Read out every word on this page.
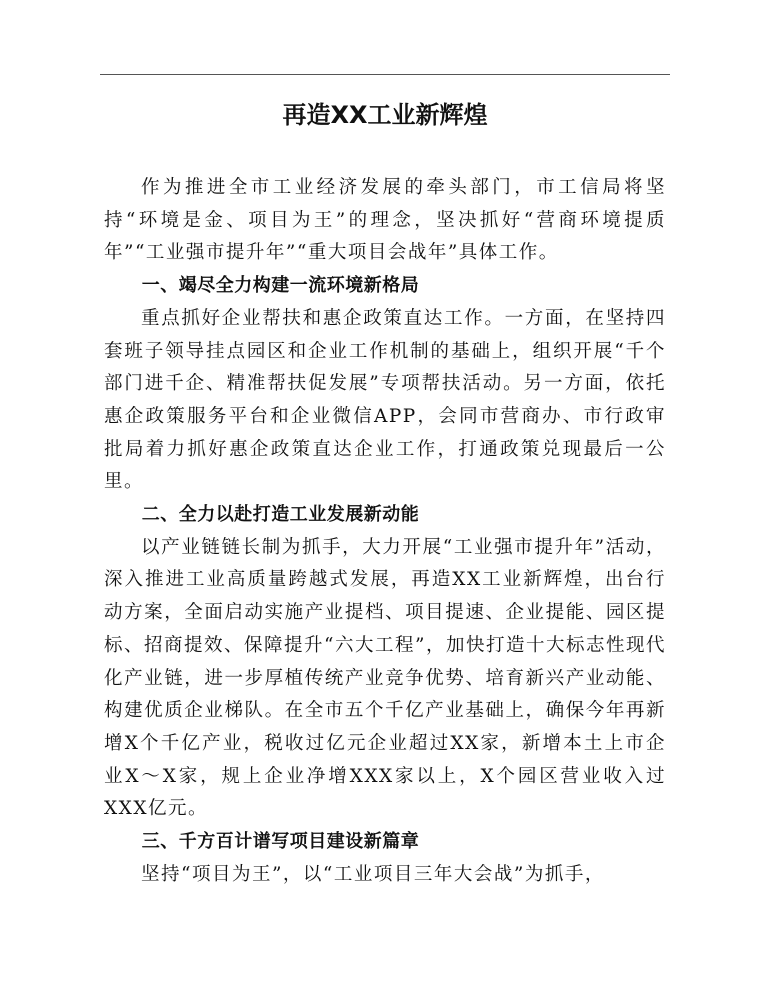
再造XX工业新辉煌

作为推进全市工业经济发展的牵头部门，市工信局将坚持“环境是金、项目为王”的理念，坚决抓好“营商环境提质年”“工业强市提升年”“重大项目会战年”具体工作。

一、竭尽全力构建一流环境新格局

重点抓好企业帮扶和惠企政策直达工作。一方面，在坚持四套班子领导挂点园区和企业工作机制的基础上，组织开展“千个部门进千企、精准帮扶促发展”专项帮扶活动。另一方面，依托惠企政策服务平台和企业微信APP，会同市营商办、市行政审批局着力抓好惠企政策直达企业工作，打通政策兑现最后一公里。

二、全力以赴打造工业发展新动能

以产业链链长制为抓手，大力开展“工业强市提升年”活动，深入推进工业高质量跨越式发展，再造XX工业新辉煌，出台行动方案，全面启动实施产业提档、项目提速、企业提能、园区提标、招商提效、保障提升“六大工程”，加快打造十大标志性现代化产业链，进一步厚植传统产业竞争优势、培育新兴产业动能、构建优质企业梯队。在全市五个千亿产业基础上，确保今年再新增X个千亿产业，税收过亿元企业超过XX家，新增本土上市企业X～X家，规上企业净增XXX家以上，X个园区营业收入过XXX亿元。

三、千方百计谱写项目建设新篇章

坚持“项目为王”，以“工业项目三年大会战”为抓手，
